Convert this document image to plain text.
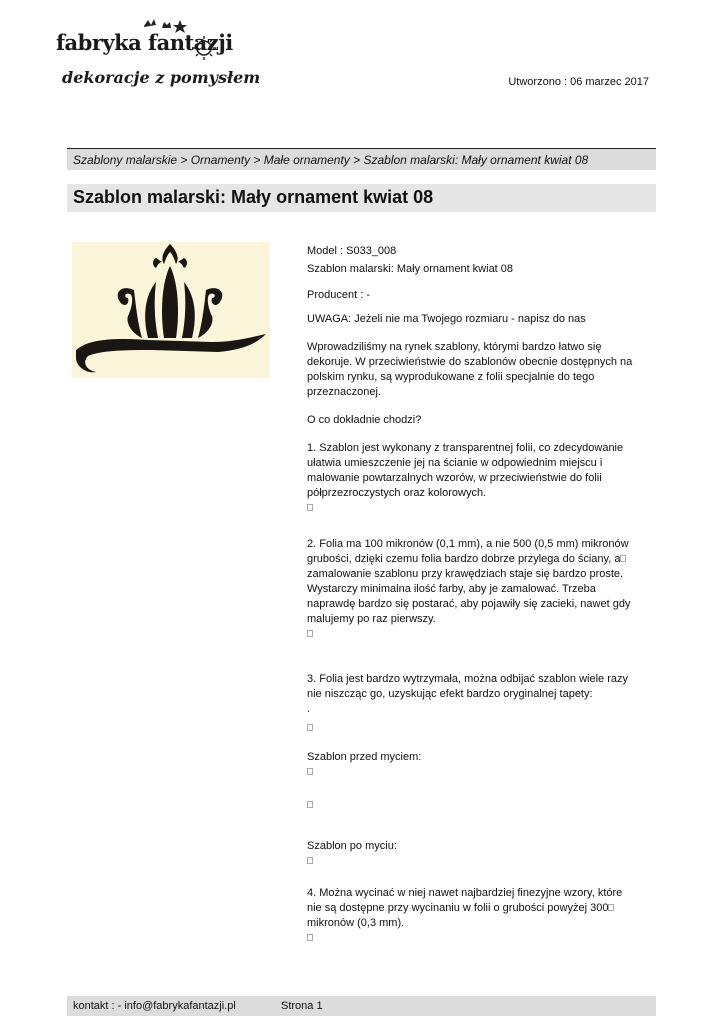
fabryka fantazji
dekoracje z pomysłem	Utworzono : 06 marzec 2017
Szablony malarskie > Ornamenty > Małe ornamenty > Szablon malarski: Mały ornament kwiat 08
Szablon malarski: Mały ornament kwiat 08

Model : S033_008

Szablon malarski: Mały ornament kwiat 08

Producent : -

UWAGA: Jeżeli nie ma Twojego rozmiaru - napisz do nas

Wprowadziliśmy na rynek szablony, którymi bardzo łatwo się dekoruje. W przeciwieństwie do szablonów obecnie dostępnych na polskim rynku, są wyprodukowane z folii specjalnie do tego przeznaczonej.

O co dokładnie chodzi?

1. Szablon jest wykonany z transparentnej folii, co zdecydowanie ułatwia umieszczenie jej na ścianie w odpowiednim miejscu i malowanie powtarzalnych wzorów, w przeciwieństwie do folii półprzezroczystych oraz kolorowych.

2. Folia ma 100 mikronów (0,1 mm), a nie 500 (0,5 mm) mikronów grubości, dzięki czemu folia bardzo dobrze przylega do ściany, a zamalowanie szablonu przy krawędziach staje się bardzo proste. Wystarczy minimalna ilość farby, aby je zamalować. Trzeba naprawdę bardzo się postarać, aby pojawiły się zacieki, nawet gdy malujemy po raz pierwszy.

3. Folia jest bardzo wytrzymała, można odbijać szablon wiele razy nie niszcząc go, uzyskując efekt bardzo oryginalnej tapety:

.

Szablon przed myciem:

Szablon po myciu:

4. Można wycinać w niej nawet najbardziej finezyjne wzory, które nie są dostępne przy wycinaniu w folii o grubości powyżej 300 mikronów (0,3 mm).

kontakt : - info@fabrykafantazji.pl	Strona 1
